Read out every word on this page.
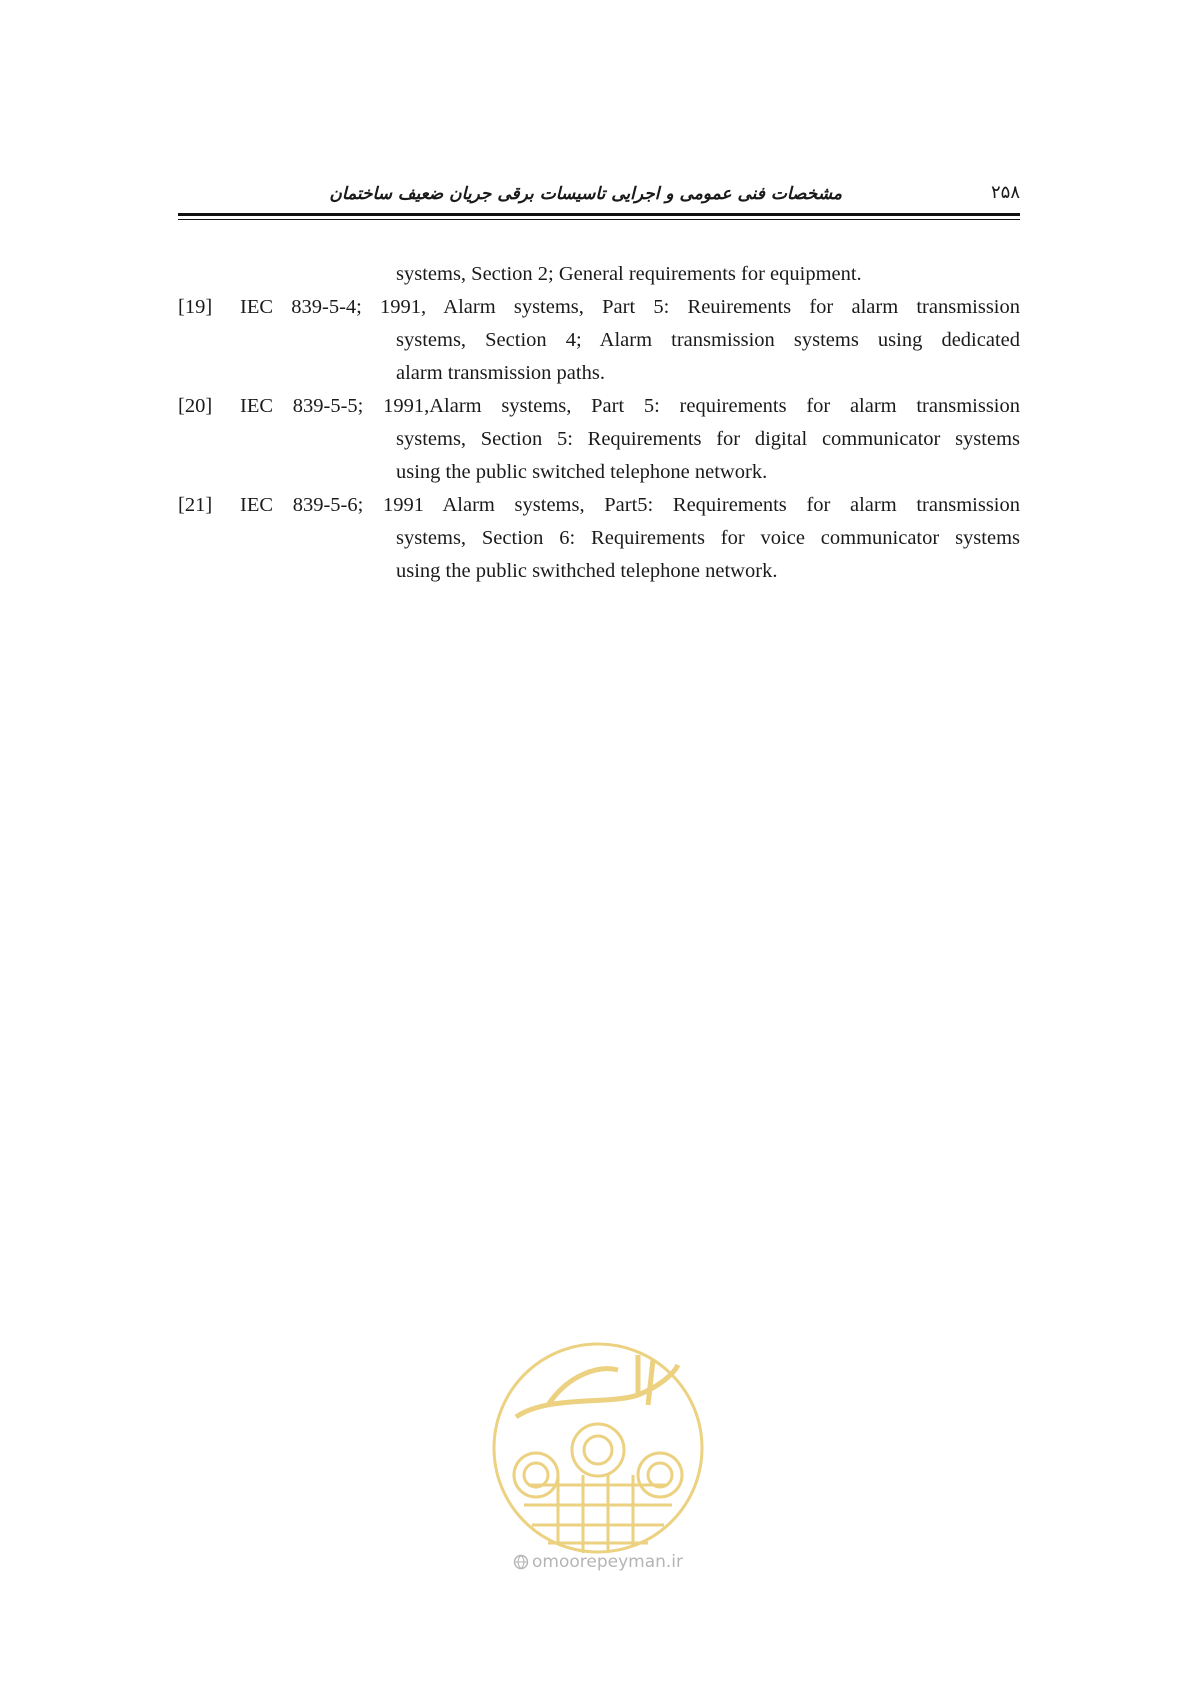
مشخصات فنی عمومی و اجرایی تاسیسات برقی جریان ضعیف ساختمان	۲۵۸
systems, Section 2; General requirements for equipment.
[19] IEC 839-5-4; 1991, Alarm systems, Part 5: Reuirements for alarm transmission
systems, Section 4; Alarm transmission systems using dedicated
alarm transmission paths.
[20] IEC 839-5-5; 1991,Alarm systems, Part 5: requirements for alarm transmission
systems, Section 5: Requirements for digital communicator systems
using the public switched telephone network.
[21] IEC 839-5-6; 1991 Alarm systems, Part5: Requirements for alarm transmission
systems, Section 6: Requirements for voice communicator systems
using the public swithched telephone network.
omoorepeyman.ir
